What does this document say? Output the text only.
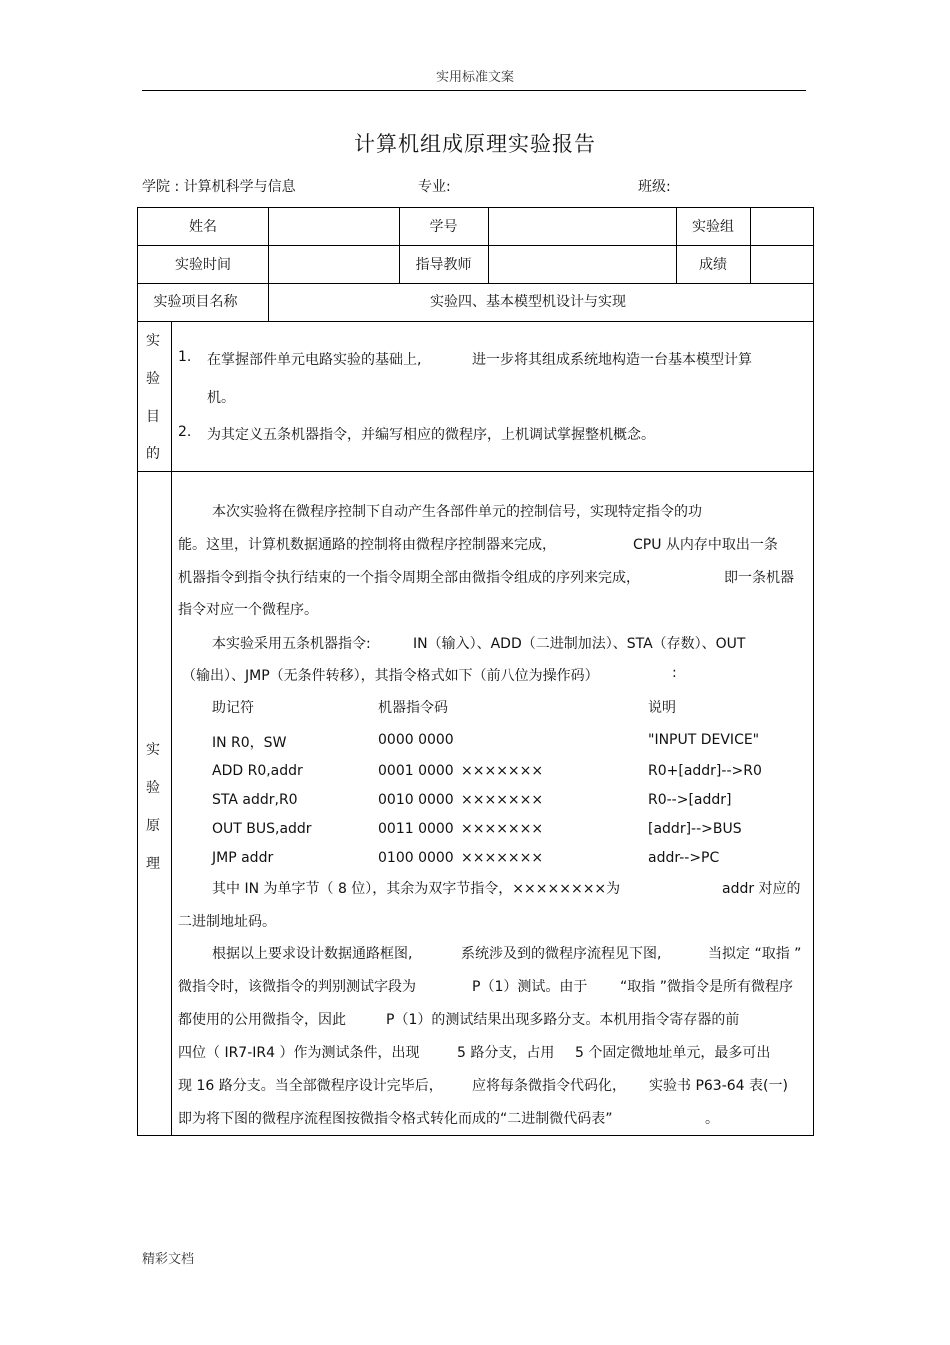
实用标准文案
计算机组成原理实验报告
学院 : 计算机科学与信息	专业:	班级:
姓名	学号	实验组
实验时间	指导教师	成绩
实验项目名称	实验四、基本模型机设计与实现
实
验
目
的
1. 在掌握部件单元电路实验的基础上,	进一步将其组成系统地构造一台基本模型计算
机。
2. 为其定义五条机器指令，并编写相应的微程序，上机调试掌握整机概念。
实
验
原
理
本次实验将在微程序控制下自动产生各部件单元的控制信号，实现特定指令的功
能。这里，计算机数据通路的控制将由微程序控制器来完成，	CPU 从内存中取出一条
机器指令到指令执行结束的一个指令周期全部由微指令组成的序列来完成，	即一条机器
指令对应一个微程序。
本实验采用五条机器指令:	IN（输入）、ADD（二进制加法）、STA（存数）、OUT
（输出）、JMP（无条件转移），其指令格式如下（前八位为操作码）	:
助记符	机器指令码	说明
IN R0，SW	0000 0000	"INPUT DEVICE"
ADD R0,addr	0001 0000 ×××××××	R0+[addr]-->R0
STA addr,R0	0010 0000 ×××××××	R0-->[addr]
OUT BUS,addr	0011 0000 ×××××××	[addr]-->BUS
JMP addr	0100 0000 ×××××××	addr-->PC
其中 IN 为单字节（ 8 位），其余为双字节指令，××××××××为	addr 对应的
二进制地址码。
根据以上要求设计数据通路框图,	系统涉及到的微程序流程见下图,	当拟定 “取指 ”
微指令时，该微指令的判别测试字段为	P（1）测试。由于 “取指 ”微指令是所有微程序
都使用的公用微指令，因此	P（1）的测试结果出现多路分支。本机用指令寄存器的前
四位（ IR7-IR4 ）作为测试条件，出现	5 路分支，占用 5 个固定微地址单元，最多可出
现 16 路分支。当全部微程序设计完毕后， 应将每条微指令代码化， 实验书 P63-64 表(一)
即为将下图的微程序流程图按微指令格式转化而成的“二进制微代码表”	。
精彩文档
